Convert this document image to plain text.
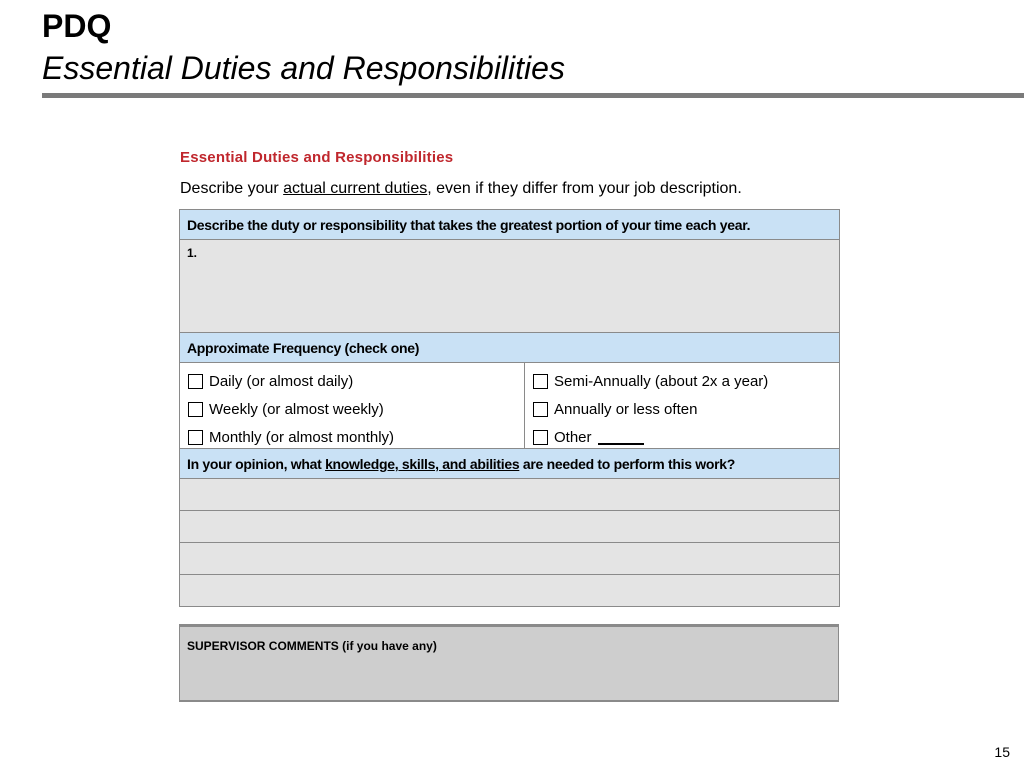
PDQ
Essential Duties and Responsibilities
Essential Duties and Responsibilities
Describe your actual current duties, even if they differ from your job description.
Describe the duty or responsibility that takes the greatest portion of your time each year.
1.
Approximate Frequency (check one)
Daily (or almost daily)
Weekly (or almost weekly)
Monthly (or almost monthly)
Semi-Annually (about 2x a year)
Annually or less often
Other
In your opinion, what knowledge, skills, and abilities are needed to perform this work?
SUPERVISOR COMMENTS (if you have any)
15
